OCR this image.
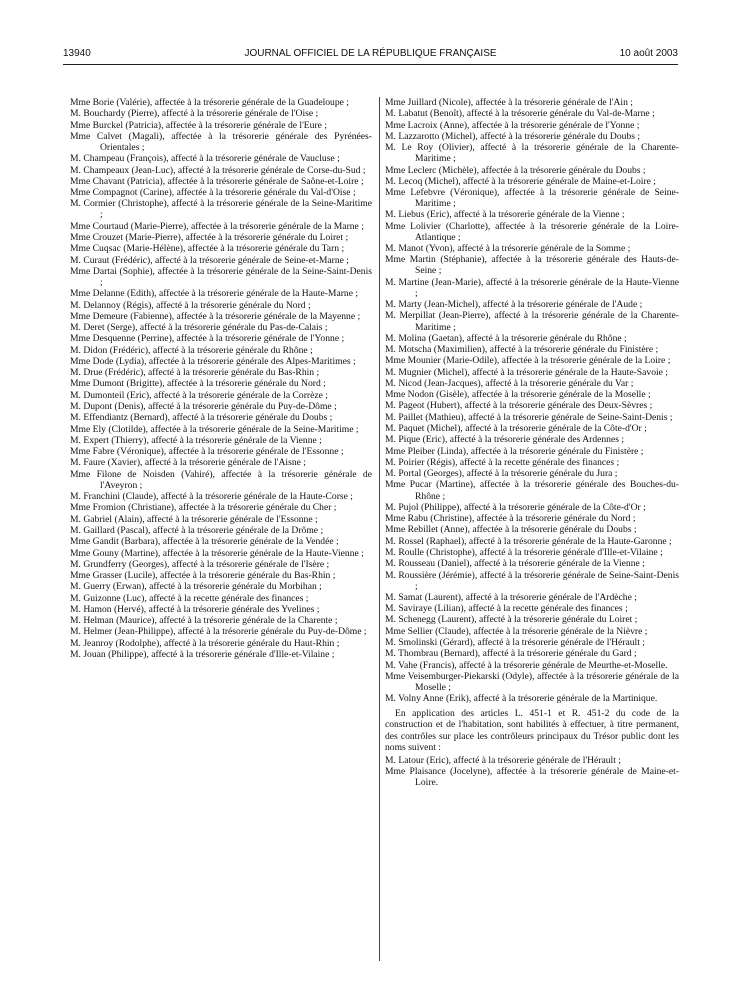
13940	JOURNAL OFFICIEL DE LA RÉPUBLIQUE FRANÇAISE	10 août 2003
Mme Borie (Valérie), affectée à la trésorerie générale de la Guadeloupe ;
M. Bouchardy (Pierre), affecté à la trésorerie générale de l'Oise ;
Mme Burckel (Patricia), affectée à la trésorerie générale de l'Eure ;
Mme Calvet (Magali), affectée à la trésorerie générale des Pyrénées-Orientales ;
M. Champeau (François), affecté à la trésorerie générale de Vaucluse ;
M. Champeaux (Jean-Luc), affecté à la trésorerie générale de Corse-du-Sud ;
Mme Chavant (Patricia), affectée à la trésorerie générale de Saône-et-Loire ;
Mme Compagnot (Carine), affectée à la trésorerie générale du Val-d'Oise ;
M. Cormier (Christophe), affecté à la trésorerie générale de la Seine-Maritime ;
Mme Courtaud (Marie-Pierre), affectée à la trésorerie générale de la Marne ;
Mme Crouzet (Marie-Pierre), affectée à la trésorerie générale du Loiret ;
Mme Cuqsac (Marie-Hélène), affectée à la trésorerie générale du Tarn ;
M. Curaut (Frédéric), affecté à la trésorerie générale de Seine-et-Marne ;
Mme Dartai (Sophie), affectée à la trésorerie générale de la Seine-Saint-Denis ;
Mme Delanne (Edith), affectée à la trésorerie générale de la Haute-Marne ;
M. Delannoy (Régis), affecté à la trésorerie générale du Nord ;
Mme Demeure (Fabienne), affectée à la trésorerie générale de la Mayenne ;
M. Deret (Serge), affecté à la trésorerie générale du Pas-de-Calais ;
Mme Desquenne (Perrine), affectée à la trésorerie générale de l'Yonne ;
M. Didon (Frédéric), affecté à la trésorerie générale du Rhône ;
Mme Dode (Lydia), affectée à la trésorerie générale des Alpes-Maritimes ;
M. Drue (Frédéric), affecté à la trésorerie générale du Bas-Rhin ;
Mme Dumont (Brigitte), affectée à la trésorerie générale du Nord ;
M. Dumonteil (Eric), affecté à la trésorerie générale de la Corrèze ;
M. Dupont (Denis), affecté à la trésorerie générale du Puy-de-Dôme ;
M. Effendiantz (Bernard), affecté à la trésorerie générale du Doubs ;
Mme Ely (Clotilde), affectée à la trésorerie générale de la Seine-Maritime ;
M. Expert (Thierry), affecté à la trésorerie générale de la Vienne ;
Mme Fabre (Véronique), affectée à la trésorerie générale de l'Essonne ;
M. Faure (Xavier), affecté à la trésorerie générale de l'Aisne ;
Mme Filone de Noisden (Vahiré), affectée à la trésorerie générale de l'Aveyron ;
M. Franchini (Claude), affecté à la trésorerie générale de la Haute-Corse ;
Mme Fromion (Christiane), affectée à la trésorerie générale du Cher ;
M. Gabriel (Alain), affecté à la trésorerie générale de l'Essonne ;
M. Gaillard (Pascal), affecté à la trésorerie générale de la Drôme ;
Mme Gandit (Barbara), affectée à la trésorerie générale de la Vendée ;
Mme Gouny (Martine), affectée à la trésorerie générale de la Haute-Vienne ;
M. Grundferry (Georges), affecté à la trésorerie générale de l'Isère ;
Mme Grasser (Lucile), affectée à la trésorerie générale du Bas-Rhin ;
M. Guerry (Erwan), affecté à la trésorerie générale du Morbihan ;
M. Guizonne (Luc), affecté à la recette générale des finances ;
M. Hamon (Hervé), affecté à la trésorerie générale des Yvelines ;
M. Helman (Maurice), affecté à la trésorerie générale de la Charente ;
M. Helmer (Jean-Philippe), affecté à la trésorerie générale du Puy-de-Dôme ;
M. Jeanroy (Rodolphe), affecté à la trésorerie générale du Haut-Rhin ;
M. Jouan (Philippe), affecté à la trésorerie générale d'Ille-et-Vilaine ;
Mme Juillard (Nicole), affectée à la trésorerie générale de l'Ain ;
M. Labatut (Benoît), affecté à la trésorerie générale du Val-de-Marne ;
Mme Lacroix (Anne), affectée à la trésorerie générale de l'Yonne ;
M. Lazzarotto (Michel), affecté à la trésorerie générale du Doubs ;
M. Le Roy (Olivier), affecté à la trésorerie générale de la Charente-Maritime ;
Mme Leclerc (Michèle), affectée à la trésorerie générale du Doubs ;
M. Lecoq (Michel), affecté à la trésorerie générale de Maine-et-Loire ;
Mme Lefebvre (Véronique), affectée à la trésorerie générale de Seine-Maritime ;
M. Liebus (Eric), affecté à la trésorerie générale de la Vienne ;
Mme Lolivier (Charlotte), affectée à la trésorerie générale de la Loire-Atlantique ;
M. Manot (Yvon), affecté à la trésorerie générale de la Somme ;
Mme Martin (Stéphanie), affectée à la trésorerie générale des Hauts-de-Seine ;
M. Martine (Jean-Marie), affecté à la trésorerie générale de la Haute-Vienne ;
M. Marty (Jean-Michel), affecté à la trésorerie générale de l'Aude ;
M. Merpillat (Jean-Pierre), affecté à la trésorerie générale de la Charente-Maritime ;
M. Molina (Gaetan), affecté à la trésorerie générale du Rhône ;
M. Motscha (Maximilien), affecté à la trésorerie générale du Finistère ;
Mme Mounier (Marie-Odile), affectée à la trésorerie générale de la Loire ;
M. Mugnier (Michel), affecté à la trésorerie générale de la Haute-Savoie ;
M. Nicod (Jean-Jacques), affecté à la trésorerie générale du Var ;
Mme Nodon (Gisèle), affectée à la trésorerie générale de la Moselle ;
M. Pageot (Hubert), affecté à la trésorerie générale des Deux-Sèvres ;
M. Paillet (Mathieu), affecté à la trésorerie générale de Seine-Saint-Denis ;
M. Paquet (Michel), affecté à la trésorerie générale de la Côte-d'Or ;
M. Pique (Eric), affecté à la trésorerie générale des Ardennes ;
Mme Pleiber (Linda), affectée à la trésorerie générale du Finistère ;
M. Poirier (Régis), affecté à la recette générale des finances ;
M. Portal (Georges), affecté à la trésorerie générale du Jura ;
Mme Pucar (Martine), affectée à la trésorerie générale des Bouches-du-Rhône ;
M. Pujol (Philippe), affecté à la trésorerie générale de la Côte-d'Or ;
Mme Rabu (Christine), affectée à la trésorerie générale du Nord ;
Mme Rebillet (Anne), affectée à la trésorerie générale du Doubs ;
M. Rossel (Raphael), affecté à la trésorerie générale de la Haute-Garonne ;
M. Roulle (Christophe), affecté à la trésorerie générale d'Ille-et-Vilaine ;
M. Rousseau (Daniel), affecté à la trésorerie générale de la Vienne ;
M. Roussière (Jérémie), affecté à la trésorerie générale de Seine-Saint-Denis ;
M. Samat (Laurent), affecté à la trésorerie générale de l'Ardèche ;
M. Saviraye (Lilian), affecté à la recette générale des finances ;
M. Schenegg (Laurent), affecté à la trésorerie générale du Loiret ;
Mme Sellier (Claude), affectée à la trésorerie générale de la Nièvre ;
M. Smolinski (Gérard), affecté à la trésorerie générale de l'Hérault ;
M. Thombrau (Bernard), affecté à la trésorerie générale du Gard ;
M. Vahe (Francis), affecté à la trésorerie générale de Meurthe-et-Moselle.
Mme Veisemburger-Piekarski (Odyle), affectée à la trésorerie générale de la Moselle ;
M. Volny Anne (Erik), affecté à la trésorerie générale de la Martinique.

En application des articles L. 451-1 et R. 451-2 du code de la construction et de l'habitation, sont habilités à effectuer, à titre permanent, des contrôles sur place les contrôleurs principaux du Trésor public dont les noms suivent :

M. Latour (Eric), affecté à la trésorerie générale de l'Hérault ;
Mme Plaisance (Jocelyne), affectée à la trésorerie générale de Maine-et-Loire.
